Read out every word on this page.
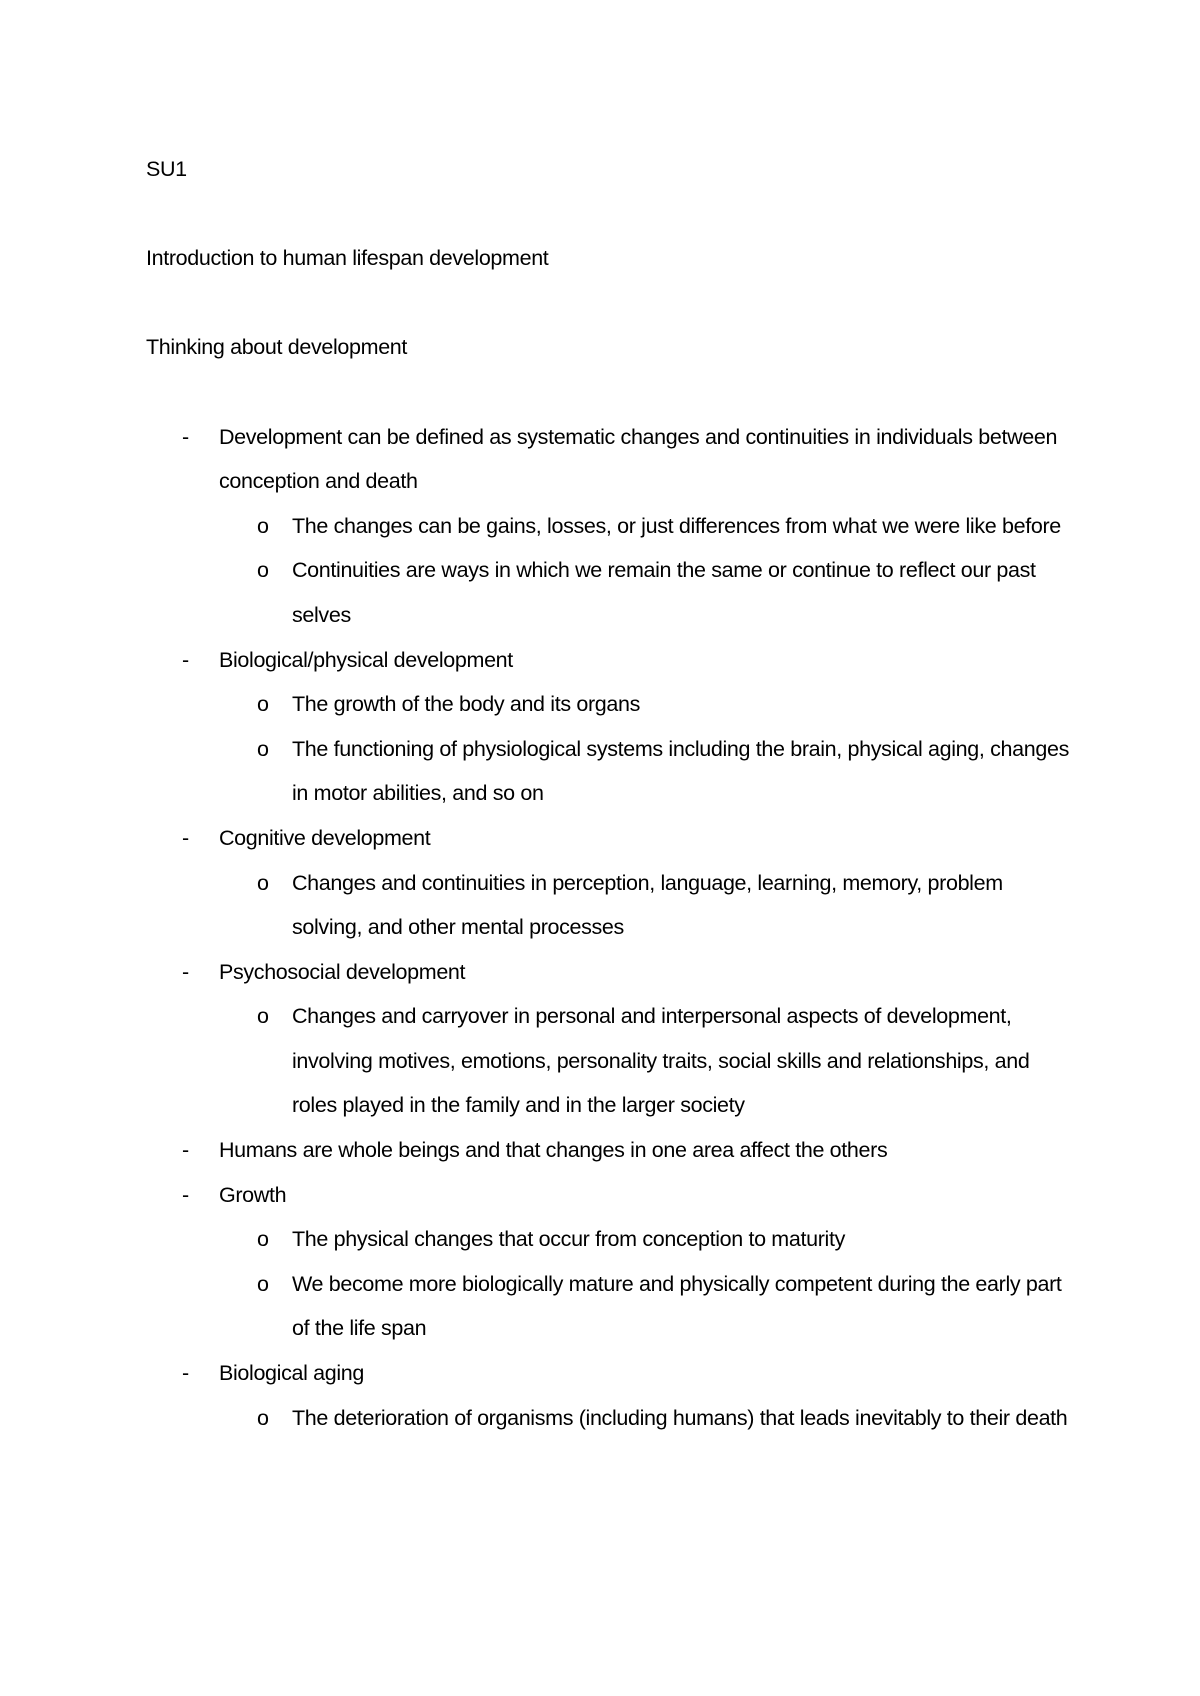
SU1

Introduction to human lifespan development

Thinking about development

- Development can be defined as systematic changes and continuities in individuals between conception and death
o The changes can be gains, losses, or just differences from what we were like before
o Continuities are ways in which we remain the same or continue to reflect our past selves
- Biological/physical development
o The growth of the body and its organs
o The functioning of physiological systems including the brain, physical aging, changes in motor abilities, and so on
- Cognitive development
o Changes and continuities in perception, language, learning, memory, problem solving, and other mental processes
- Psychosocial development
o Changes and carryover in personal and interpersonal aspects of development, involving motives, emotions, personality traits, social skills and relationships, and roles played in the family and in the larger society
- Humans are whole beings and that changes in one area affect the others
- Growth
o The physical changes that occur from conception to maturity
o We become more biologically mature and physically competent during the early part of the life span
- Biological aging
o The deterioration of organisms (including humans) that leads inevitably to their death
